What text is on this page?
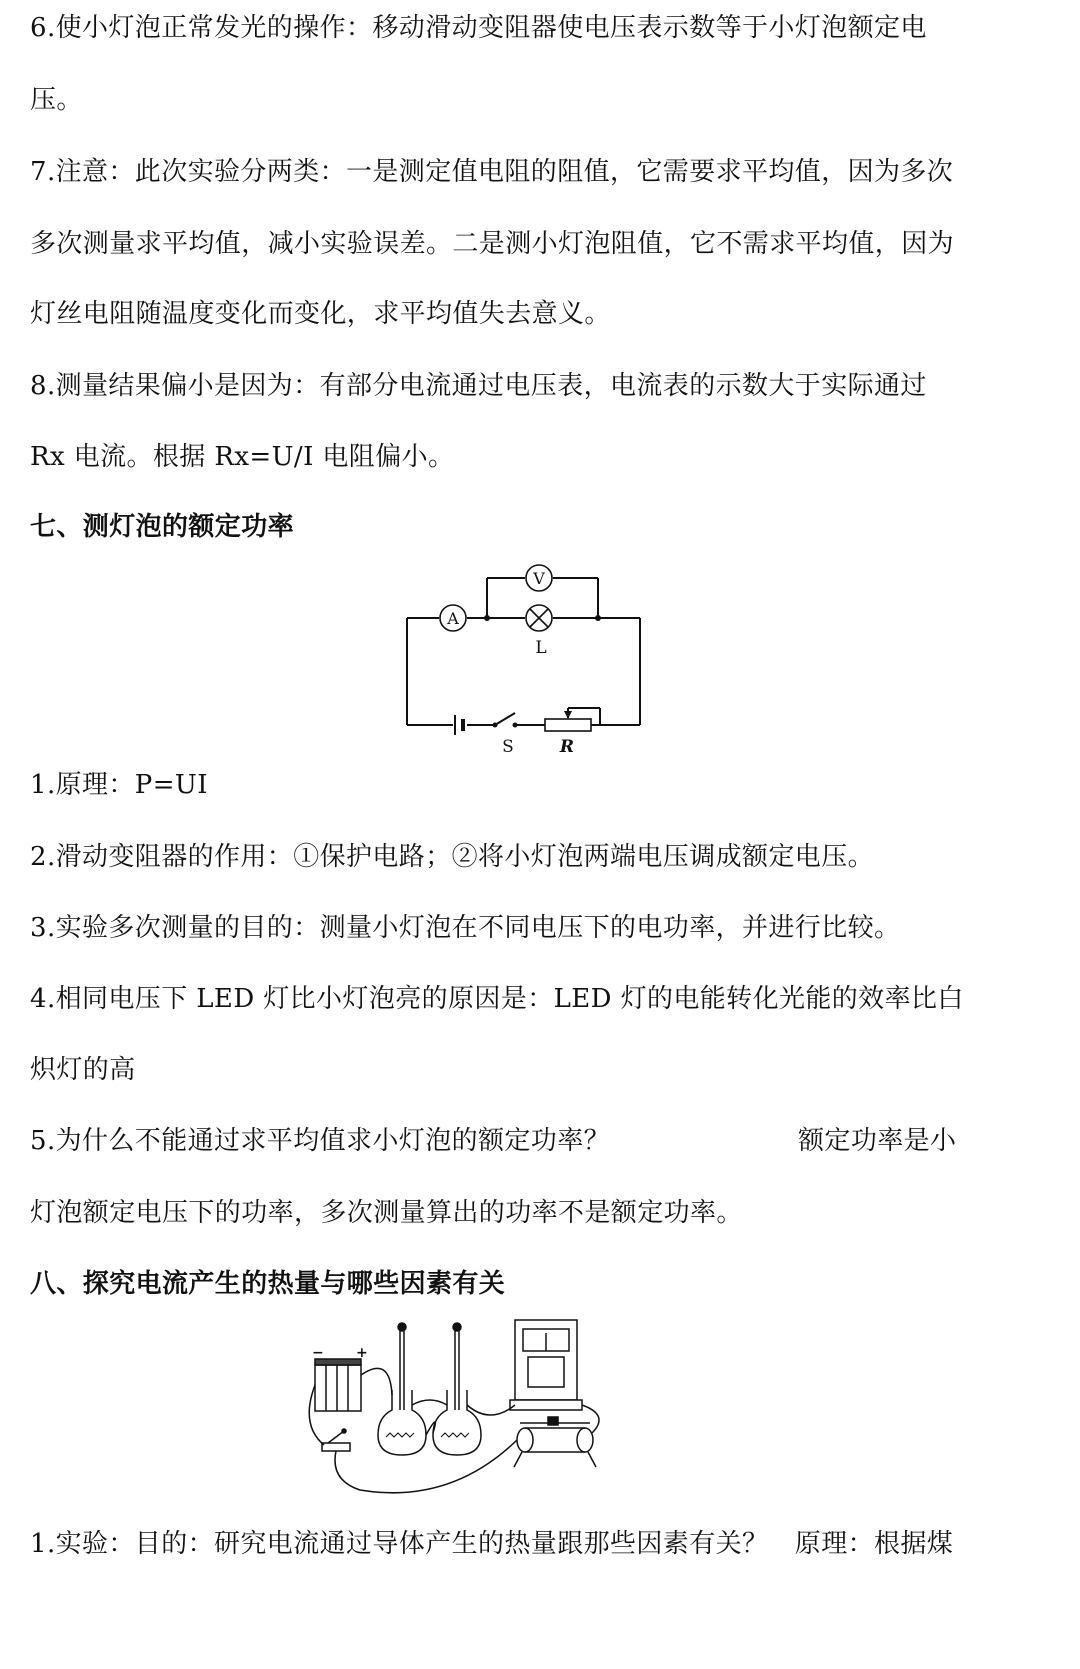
6.使小灯泡正常发光的操作：移动滑动变阻器使电压表示数等于小灯泡额定电
压。
7.注意：此次实验分两类：一是测定值电阻的阻值，它需要求平均值，因为多次
多次测量求平均值，减小实验误差。二是测小灯泡阻值，它不需求平均值，因为
灯丝电阻随温度变化而变化，求平均值失去意义。
8.测量结果偏小是因为：有部分电流通过电压表，电流表的示数大于实际通过
Rx 电流。根据 Rx=U/I 电阻偏小。
七、测灯泡的额定功率
A
V
L
S	R
1.原理：P=UI
2.滑动变阻器的作用：①保护电路；②将小灯泡两端电压调成额定电压。
3.实验多次测量的目的：测量小灯泡在不同电压下的电功率，并进行比较。
4.相同电压下 LED 灯比小灯泡亮的原因是：LED 灯的电能转化光能的效率比白
炽灯的高
5.为什么不能通过求平均值求小灯泡的额定功率？	额定功率是小
灯泡额定电压下的功率，多次测量算出的功率不是额定功率。
八、探究电流产生的热量与哪些因素有关
− +
1.实验：目的：研究电流通过导体产生的热量跟那些因素有关？　原理：根据煤
